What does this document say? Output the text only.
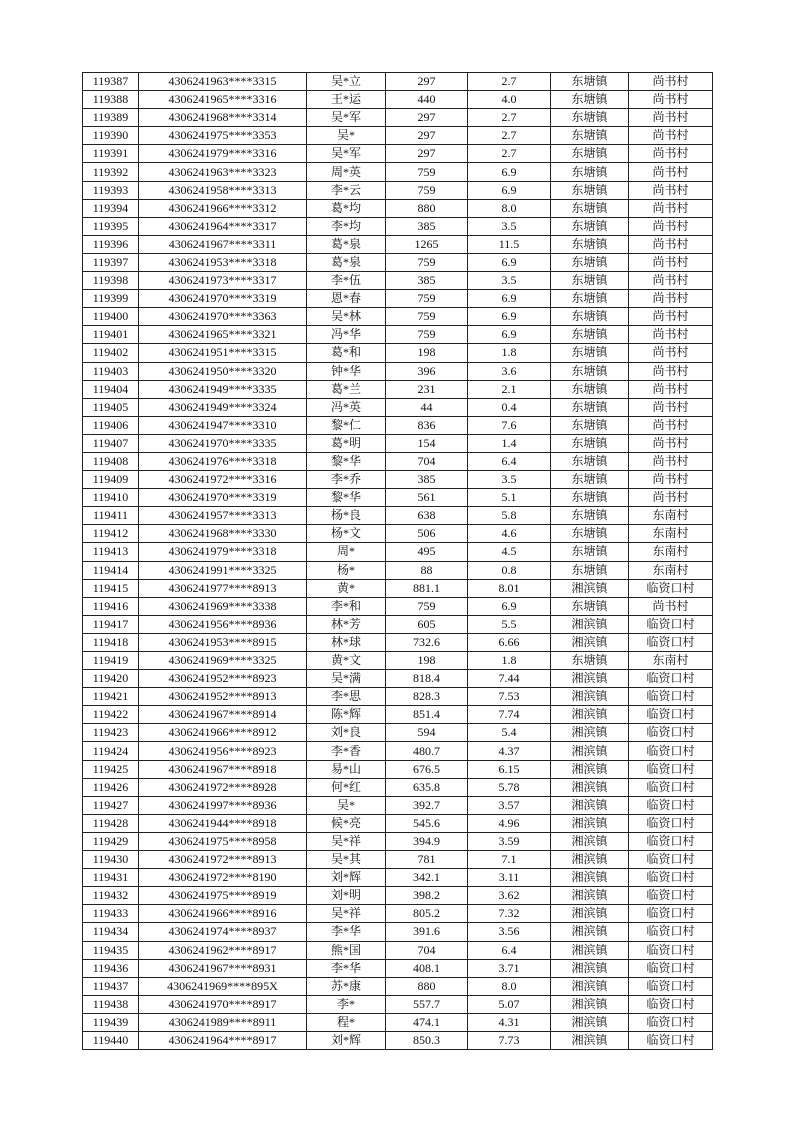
119387	4306241963****3315	吴*立	297	2.7	东塘镇	尚书村
119388	4306241965****3316	王*运	440	4.0	东塘镇	尚书村
119389	4306241968****3314	吴*军	297	2.7	东塘镇	尚书村
119390	4306241975****3353	吴*	297	2.7	东塘镇	尚书村
119391	4306241979****3316	吴*军	297	2.7	东塘镇	尚书村
119392	4306241963****3323	周*英	759	6.9	东塘镇	尚书村
119393	4306241958****3313	李*云	759	6.9	东塘镇	尚书村
119394	4306241966****3312	葛*均	880	8.0	东塘镇	尚书村
119395	4306241964****3317	李*均	385	3.5	东塘镇	尚书村
119396	4306241967****3311	葛*泉	1265	11.5	东塘镇	尚书村
119397	4306241953****3318	葛*泉	759	6.9	东塘镇	尚书村
119398	4306241973****3317	李*伍	385	3.5	东塘镇	尚书村
119399	4306241970****3319	恩*春	759	6.9	东塘镇	尚书村
119400	4306241970****3363	吴*林	759	6.9	东塘镇	尚书村
119401	4306241965****3321	冯*华	759	6.9	东塘镇	尚书村
119402	4306241951****3315	葛*和	198	1.8	东塘镇	尚书村
119403	4306241950****3320	钟*华	396	3.6	东塘镇	尚书村
119404	4306241949****3335	葛*兰	231	2.1	东塘镇	尚书村
119405	4306241949****3324	冯*英	44	0.4	东塘镇	尚书村
119406	4306241947****3310	黎*仁	836	7.6	东塘镇	尚书村
119407	4306241970****3335	葛*明	154	1.4	东塘镇	尚书村
119408	4306241976****3318	黎*华	704	6.4	东塘镇	尚书村
119409	4306241972****3316	李*乔	385	3.5	东塘镇	尚书村
119410	4306241970****3319	黎*华	561	5.1	东塘镇	尚书村
119411	4306241957****3313	杨*良	638	5.8	东塘镇	东南村
119412	4306241968****3330	杨*文	506	4.6	东塘镇	东南村
119413	4306241979****3318	周*	495	4.5	东塘镇	东南村
119414	4306241991****3325	杨*	88	0.8	东塘镇	东南村
119415	4306241977****8913	黄*	881.1	8.01	湘滨镇	临资口村
119416	4306241969****3338	李*和	759	6.9	东塘镇	尚书村
119417	4306241956****8936	林*芳	605	5.5	湘滨镇	临资口村
119418	4306241953****8915	林*球	732.6	6.66	湘滨镇	临资口村
119419	4306241969****3325	黄*文	198	1.8	东塘镇	东南村
119420	4306241952****8923	吴*满	818.4	7.44	湘滨镇	临资口村
119421	4306241952****8913	李*思	828.3	7.53	湘滨镇	临资口村
119422	4306241967****8914	陈*辉	851.4	7.74	湘滨镇	临资口村
119423	4306241966****8912	刘*良	594	5.4	湘滨镇	临资口村
119424	4306241956****8923	李*香	480.7	4.37	湘滨镇	临资口村
119425	4306241967****8918	易*山	676.5	6.15	湘滨镇	临资口村
119426	4306241972****8928	何*红	635.8	5.78	湘滨镇	临资口村
119427	4306241997****8936	吴*	392.7	3.57	湘滨镇	临资口村
119428	4306241944****8918	候*亮	545.6	4.96	湘滨镇	临资口村
119429	4306241975****8958	吴*祥	394.9	3.59	湘滨镇	临资口村
119430	4306241972****8913	吴*其	781	7.1	湘滨镇	临资口村
119431	4306241972****8190	刘*辉	342.1	3.11	湘滨镇	临资口村
119432	4306241975****8919	刘*明	398.2	3.62	湘滨镇	临资口村
119433	4306241966****8916	吴*祥	805.2	7.32	湘滨镇	临资口村
119434	4306241974****8937	李*华	391.6	3.56	湘滨镇	临资口村
119435	4306241962****8917	熊*国	704	6.4	湘滨镇	临资口村
119436	4306241967****8931	李*华	408.1	3.71	湘滨镇	临资口村
119437	4306241969****895X	苏*康	880	8.0	湘滨镇	临资口村
119438	4306241970****8917	李*	557.7	5.07	湘滨镇	临资口村
119439	4306241989****8911	程*	474.1	4.31	湘滨镇	临资口村
119440	4306241964****8917	刘*辉	850.3	7.73	湘滨镇	临资口村
